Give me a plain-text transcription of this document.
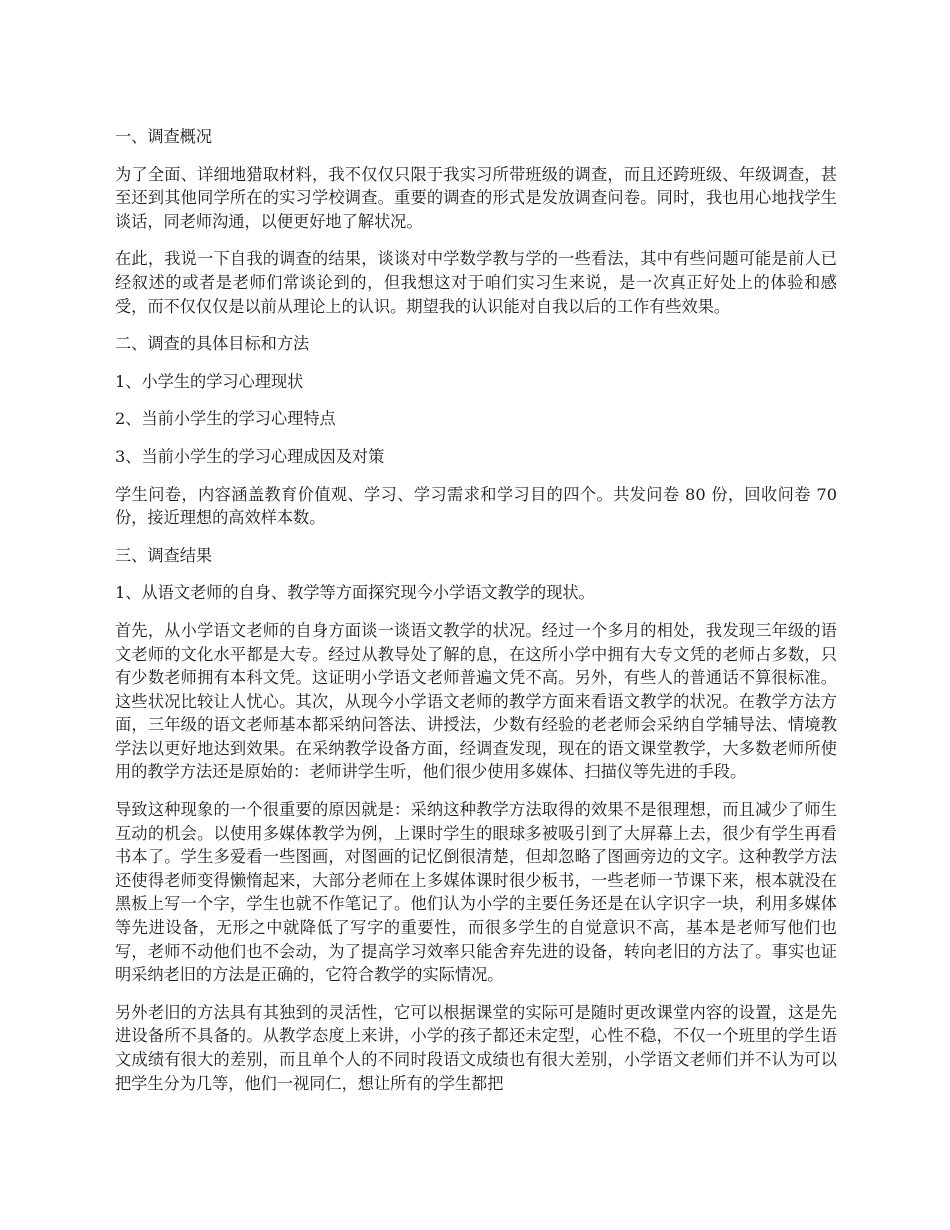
一、调查概况

为了全面、详细地猎取材料，我不仅仅只限于我实习所带班级的调查，而且还跨班级、年级调查，甚至还到其他同学所在的实习学校调查。重要的调查的形式是发放调查问卷。同时，我也用心地找学生谈话，同老师沟通，以便更好地了解状况。

在此，我说一下自我的调查的结果，谈谈对中学数学教与学的一些看法，其中有些问题可能是前人已经叙述的或者是老师们常谈论到的，但我想这对于咱们实习生来说，是一次真正好处上的体验和感受，而不仅仅仅是以前从理论上的认识。期望我的认识能对自我以后的工作有些效果。

二、调查的具体目标和方法

1、小学生的学习心理现状

2、当前小学生的学习心理特点

3、当前小学生的学习心理成因及对策

学生问卷，内容涵盖教育价值观、学习、学习需求和学习目的四个。共发问卷 80 份，回收问卷 70 份，接近理想的高效样本数。

三、调查结果

1、从语文老师的自身、教学等方面探究现今小学语文教学的现状。

首先，从小学语文老师的自身方面谈一谈语文教学的状况。经过一个多月的相处，我发现三年级的语文老师的文化水平都是大专。经过从教导处了解的息，在这所小学中拥有大专文凭的老师占多数，只有少数老师拥有本科文凭。这证明小学语文老师普遍文凭不高。另外，有些人的普通话不算很标准。这些状况比较让人忧心。其次，从现今小学语文老师的教学方面来看语文教学的状况。在教学方法方面，三年级的语文老师基本都采纳问答法、讲授法，少数有经验的老老师会采纳自学辅导法、情境教学法以更好地达到效果。在采纳教学设备方面，经调查发现，现在的语文课堂教学，大多数老师所使用的教学方法还是原始的：老师讲学生听，他们很少使用多媒体、扫描仪等先进的手段。

导致这种现象的一个很重要的原因就是：采纳这种教学方法取得的效果不是很理想，而且减少了师生互动的机会。以使用多媒体教学为例，上课时学生的眼球多被吸引到了大屏幕上去，很少有学生再看书本了。学生多爱看一些图画，对图画的记忆倒很清楚，但却忽略了图画旁边的文字。这种教学方法还使得老师变得懒惰起来，大部分老师在上多媒体课时很少板书，一些老师一节课下来，根本就没在黑板上写一个字，学生也就不作笔记了。他们认为小学的主要任务还是在认字识字一块，利用多媒体等先进设备，无形之中就降低了写字的重要性，而很多学生的自觉意识不高，基本是老师写他们也写，老师不动他们也不会动，为了提高学习效率只能舍弃先进的设备，转向老旧的方法了。事实也证明采纳老旧的方法是正确的，它符合教学的实际情况。

另外老旧的方法具有其独到的灵活性，它可以根据课堂的实际可是随时更改课堂内容的设置，这是先进设备所不具备的。从教学态度上来讲，小学的孩子都还未定型，心性不稳，不仅一个班里的学生语文成绩有很大的差别，而且单个人的不同时段语文成绩也有很大差别，小学语文老师们并不认为可以把学生分为几等，他们一视同仁，想让所有的学生都把
